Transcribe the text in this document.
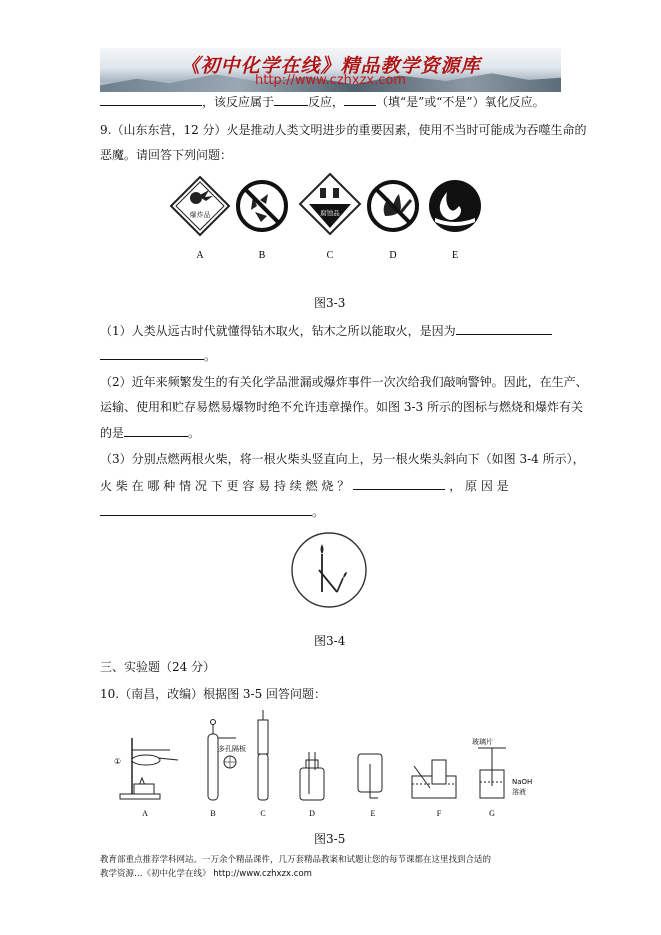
《初中化学在线》精品教学资源库
http://www.czhxzx.com
，该反应属于	反应，	（填“是”或“不是”）氧化反应。
9.（山东东营，12 分）火是推动人类文明进步的重要因素，使用不当时可能成为吞噬生命的
恶魔。请回答下列问题：
爆炸品	腐蚀品
A	B	C	D	E
图3-3
（1）人类从远古时代就懂得钻木取火，钻木之所以能取火，是因为
。
（2）近年来频繁发生的有关化学品泄漏或爆炸事件一次次给我们敲响警钟。因此，在生产、
运输、使用和贮存易燃易爆物时绝不允许违章操作。如图 3-3 所示的图标与燃烧和爆炸有关
的是	。
（3）分别点燃两根火柴，将一根火柴头竖直向上，另一根火柴头斜向下（如图 3-4 所示），
火 柴 在 哪 种 情 况 下 更 容 易 持 续 燃 烧 ？	， 原 因 是
。
图3-4
三、实验题（24 分）
10.（南昌，改编）根据图 3-5 回答问题：
①
多孔隔板
玻璃片
NaOH
溶液
A	B	C	D	E	F	G
图3-5
教育部重点推荐学科网站。一万余个精品课件，几万套精品教案和试题让您的每节课都在这里找到合适的
教学资源…《初中化学在线》 http://www.czhxzx.com
